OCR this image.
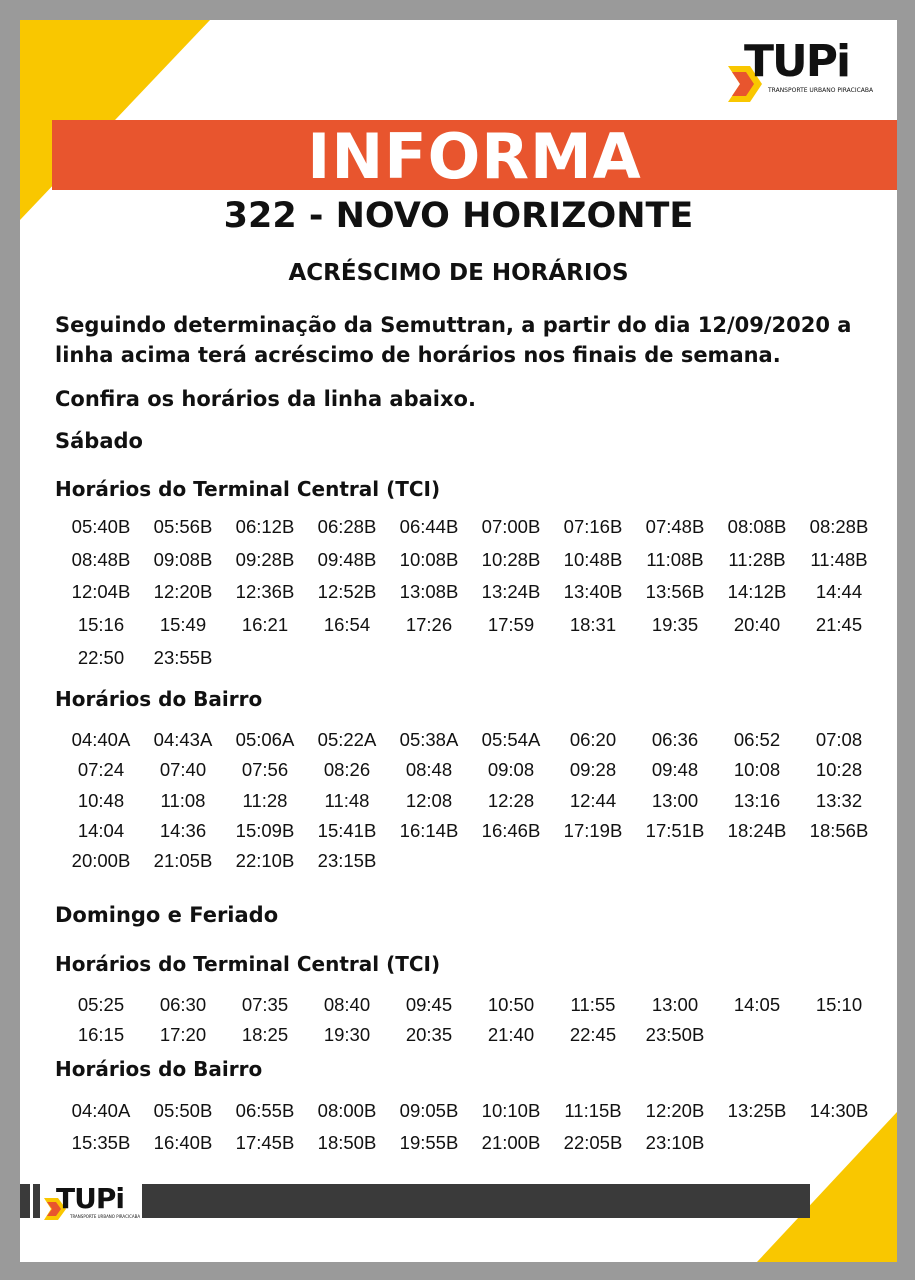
TUPi
TRANSPORTE URBANO PIRACICABA
INFORMA
322 - NOVO HORIZONTE
ACRÉSCIMO DE HORÁRIOS
Seguindo determinação da Semuttran, a partir do dia 12/09/2020 a
linha acima terá acréscimo de horários nos finais de semana.
Confira os horários da linha abaixo.
Sábado
Horários do Terminal Central (TCI)
05:40B	05:56B	06:12B	06:28B	06:44B	07:00B	07:16B	07:48B	08:08B	08:28B
08:48B	09:08B	09:28B	09:48B	10:08B	10:28B	10:48B	11:08B	11:28B	11:48B
12:04B	12:20B	12:36B	12:52B	13:08B	13:24B	13:40B	13:56B	14:12B	14:44
15:16	15:49	16:21	16:54	17:26	17:59	18:31	19:35	20:40	21:45
22:50	23:55B
Horários do Bairro
04:40A	04:43A	05:06A	05:22A	05:38A	05:54A	06:20	06:36	06:52	07:08
07:24	07:40	07:56	08:26	08:48	09:08	09:28	09:48	10:08	10:28
10:48	11:08	11:28	11:48	12:08	12:28	12:44	13:00	13:16	13:32
14:04	14:36	15:09B	15:41B	16:14B	16:46B	17:19B	17:51B	18:24B	18:56B
20:00B	21:05B	22:10B	23:15B
Domingo e Feriado
Horários do Terminal Central (TCI)
05:25	06:30	07:35	08:40	09:45	10:50	11:55	13:00	14:05	15:10
16:15	17:20	18:25	19:30	20:35	21:40	22:45	23:50B
Horários do Bairro
04:40A	05:50B	06:55B	08:00B	09:05B	10:10B	11:15B	12:20B	13:25B	14:30B
15:35B	16:40B	17:45B	18:50B	19:55B	21:00B	22:05B	23:10B
TUPi
TRANSPORTE URBANO PIRACICABA
